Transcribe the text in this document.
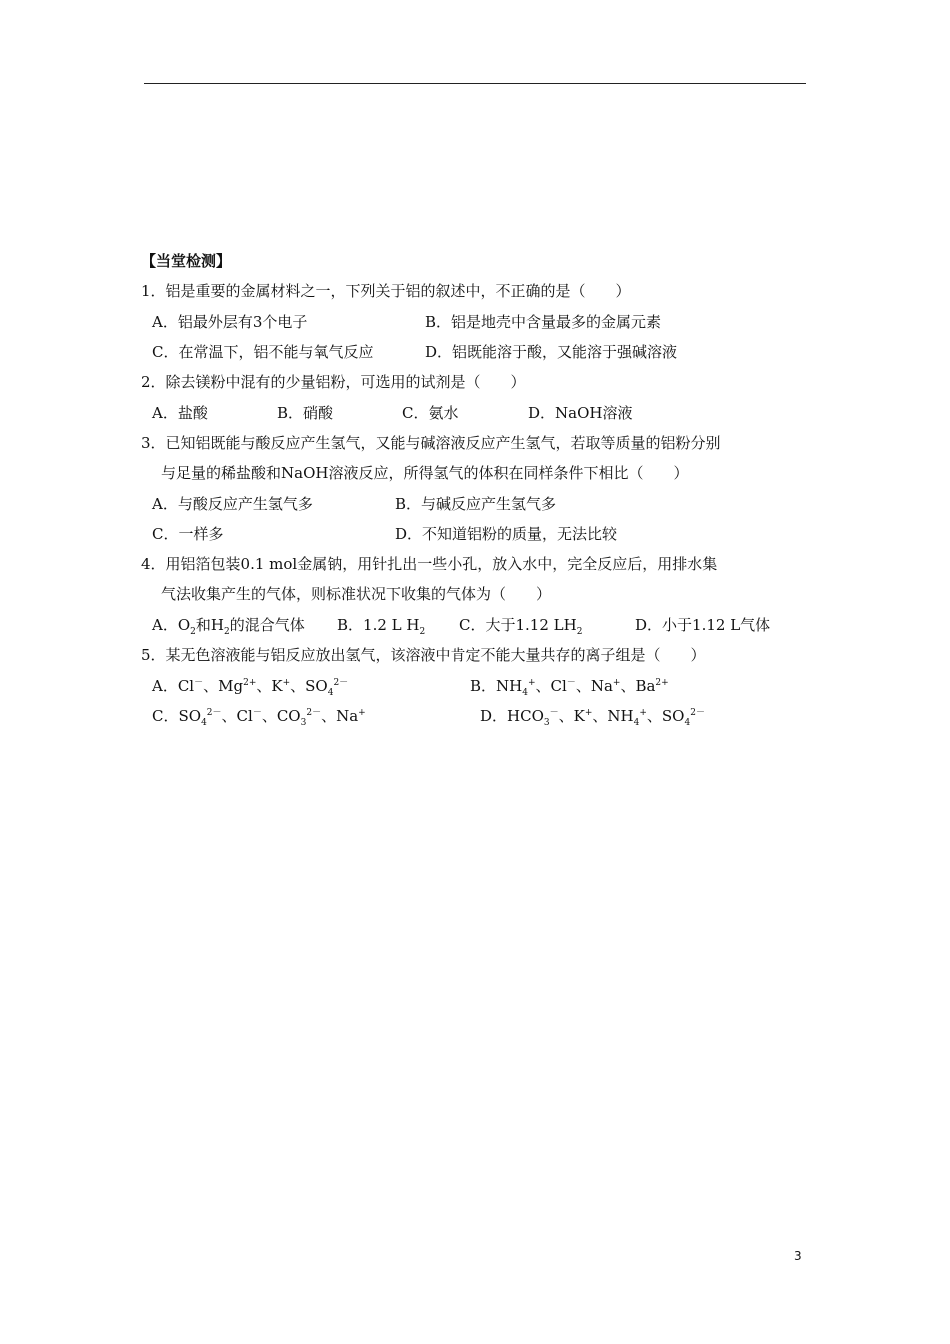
【当堂检测】
1．铝是重要的金属材料之一，下列关于铝的叙述中，不正确的是（　　）
A．铝最外层有3个电子	B．铝是地壳中含量最多的金属元素
C．在常温下，铝不能与氧气反应	D．铝既能溶于酸，又能溶于强碱溶液
2．除去镁粉中混有的少量铝粉，可选用的试剂是（　　）
A．盐酸	B．硝酸	C．氨水	D．NaOH溶液
3．已知铝既能与酸反应产生氢气，又能与碱溶液反应产生氢气，若取等质量的铝粉分别
与足量的稀盐酸和NaOH溶液反应，所得氢气的体积在同样条件下相比（　　）
A．与酸反应产生氢气多	B．与碱反应产生氢气多
C．一样多	D．不知道铝粉的质量，无法比较
4．用铝箔包装0.1 mol金属钠，用针扎出一些小孔，放入水中，完全反应后，用排水集
气法收集产生的气体，则标准状况下收集的气体为（　　）
A．$O_2$和$H_2$的混合气体 B．1.2 L $H_2$ C．大于1.12 $LH_2$	D．小于1.12 L气体
5．某无色溶液能与铝反应放出氢气，该溶液中肯定不能大量共存的离子组是（　　）
A．Cl－、$Mg^{2+}$、K+、$SO_4^{2-}$	B．$NH_4^+$、Cl－、Na+、$Ba^{2+}$
C．$SO_4^{2-}$、Cl－、$CO_3^{2-}$、Na+	D．$HCO_3^-$、K+、$NH_4^+$、$SO_4^{2-}$
3
